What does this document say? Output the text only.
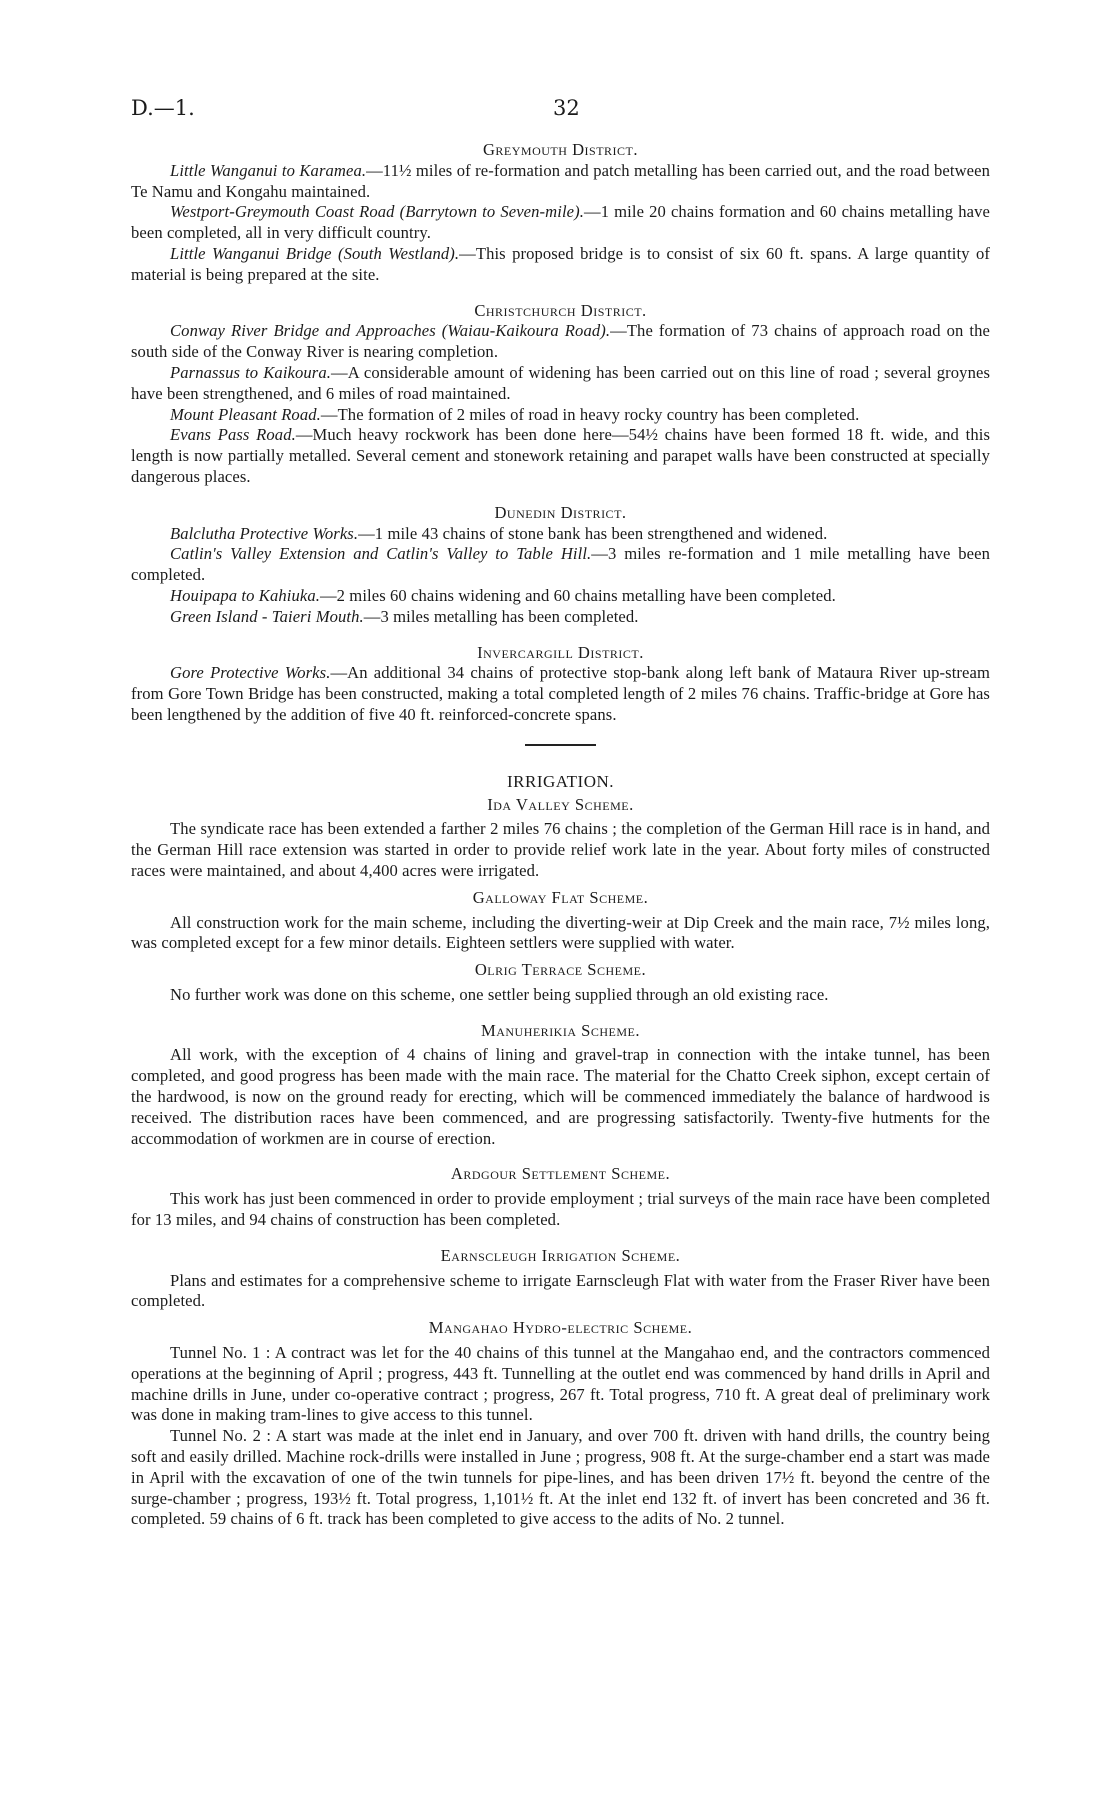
D.—1.	32
Greymouth District.

Little Wanganui to Karamea.—11½ miles of re-formation and patch metalling has been carried out, and the road between Te Namu and Kongahu maintained.

Westport-Greymouth Coast Road (Barrytown to Seven-mile).—1 mile 20 chains formation and 60 chains metalling have been completed, all in very difficult country.

Little Wanganui Bridge (South Westland).—This proposed bridge is to consist of six 60 ft. spans. A large quantity of material is being prepared at the site.

Christchurch District.

Conway River Bridge and Approaches (Waiau-Kaikoura Road).—The formation of 73 chains of approach road on the south side of the Conway River is nearing completion.

Parnassus to Kaikoura.—A considerable amount of widening has been carried out on this line of road ; several groynes have been strengthened, and 6 miles of road maintained.

Mount Pleasant Road.—The formation of 2 miles of road in heavy rocky country has been completed.

Evans Pass Road.—Much heavy rockwork has been done here—54½ chains have been formed 18 ft. wide, and this length is now partially metalled. Several cement and stonework retaining and parapet walls have been constructed at specially dangerous places.

Dunedin District.

Balclutha Protective Works.—1 mile 43 chains of stone bank has been strengthened and widened.

Catlin's Valley Extension and Catlin's Valley to Table Hill.—3 miles re-formation and 1 mile metalling have been completed.

Houipapa to Kahiuka.—2 miles 60 chains widening and 60 chains metalling have been completed.

Green Island - Taieri Mouth.—3 miles metalling has been completed.

Invercargill District.

Gore Protective Works.—An additional 34 chains of protective stop-bank along left bank of Mataura River up-stream from Gore Town Bridge has been constructed, making a total completed length of 2 miles 76 chains. Traffic-bridge at Gore has been lengthened by the addition of five 40 ft. reinforced-concrete spans.

IRRIGATION.
Ida Valley Scheme.

The syndicate race has been extended a farther 2 miles 76 chains ; the completion of the German Hill race is in hand, and the German Hill race extension was started in order to provide relief work late in the year. About forty miles of constructed races were maintained, and about 4,400 acres were irrigated.

Galloway Flat Scheme.

All construction work for the main scheme, including the diverting-weir at Dip Creek and the main race, 7½ miles long, was completed except for a few minor details. Eighteen settlers were supplied with water.

Olrig Terrace Scheme.

No further work was done on this scheme, one settler being supplied through an old existing race.

Manuherikia Scheme.

All work, with the exception of 4 chains of lining and gravel-trap in connection with the intake tunnel, has been completed, and good progress has been made with the main race. The material for the Chatto Creek siphon, except certain of the hardwood, is now on the ground ready for erecting, which will be commenced immediately the balance of hardwood is received. The distribution races have been commenced, and are progressing satisfactorily. Twenty-five hutments for the accommodation of workmen are in course of erection.

Ardgour Settlement Scheme.

This work has just been commenced in order to provide employment ; trial surveys of the main race have been completed for 13 miles, and 94 chains of construction has been completed.

Earnscleugh Irrigation Scheme.

Plans and estimates for a comprehensive scheme to irrigate Earnscleugh Flat with water from the Fraser River have been completed.

Mangahao Hydro-electric Scheme.

Tunnel No. 1 : A contract was let for the 40 chains of this tunnel at the Mangahao end, and the contractors commenced operations at the beginning of April ; progress, 443 ft. Tunnelling at the outlet end was commenced by hand drills in April and machine drills in June, under co-operative contract ; progress, 267 ft. Total progress, 710 ft. A great deal of preliminary work was done in making tram-lines to give access to this tunnel.

Tunnel No. 2 : A start was made at the inlet end in January, and over 700 ft. driven with hand drills, the country being soft and easily drilled. Machine rock-drills were installed in June ; progress, 908 ft. At the surge-chamber end a start was made in April with the excavation of one of the twin tunnels for pipe-lines, and has been driven 17½ ft. beyond the centre of the surge-chamber ; progress, 193½ ft. Total progress, 1,101½ ft. At the inlet end 132 ft. of invert has been concreted and 36 ft. completed. 59 chains of 6 ft. track has been completed to give access to the adits of No. 2 tunnel.
